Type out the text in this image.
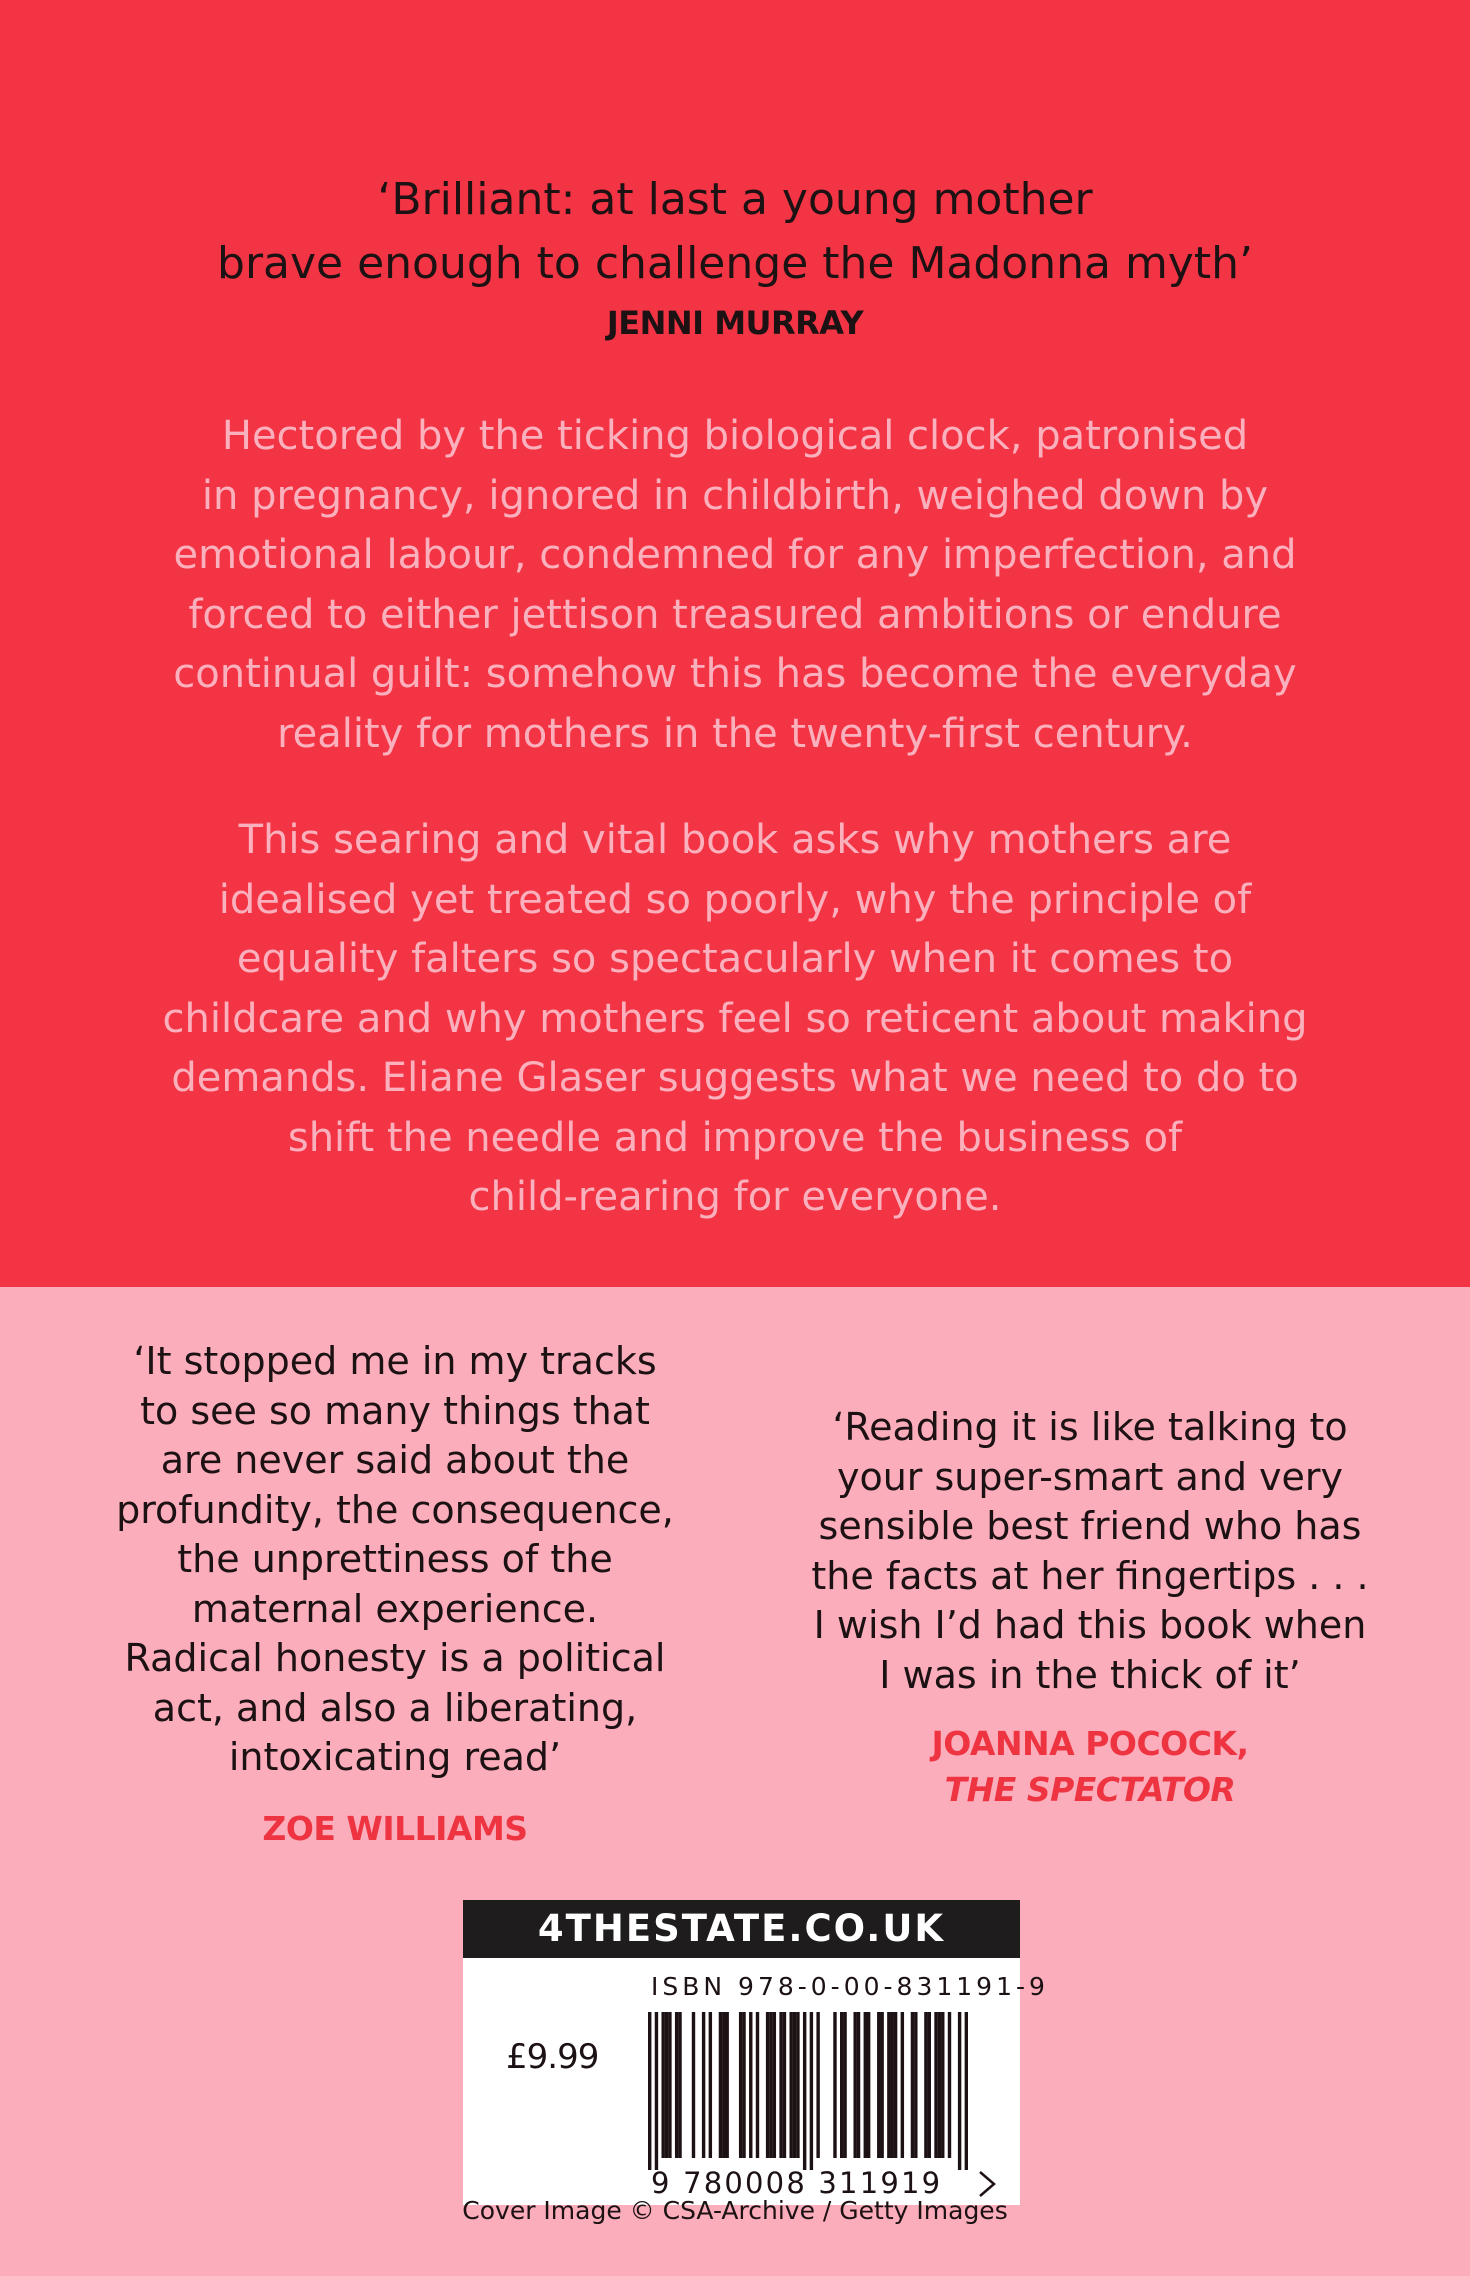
‘Brilliant: at last a young mother
brave enough to challenge the Madonna myth’
JENNI MURRAY
Hectored by the ticking biological clock, patronised
in pregnancy, ignored in childbirth, weighed down by
emotional labour, condemned for any imperfection, and
forced to either jettison treasured ambitions or endure
continual guilt: somehow this has become the everyday
reality for mothers in the twenty-first century.
This searing and vital book asks why mothers are
idealised yet treated so poorly, why the principle of
equality falters so spectacularly when it comes to
childcare and why mothers feel so reticent about making
demands. Eliane Glaser suggests what we need to do to
shift the needle and improve the business of
child-rearing for everyone.
‘It stopped me in my tracks
to see so many things that
are never said about the
profundity, the consequence,
the unprettiness of the
maternal experience.
Radical honesty is a political
act, and also a liberating,
intoxicating read’
ZOE WILLIAMS
‘Reading it is like talking to
your super-smart and very
sensible best friend who has
the facts at her fingertips . . .
I wish I’d had this book when
I was in the thick of it’
JOANNA POCOCK,
THE SPECTATOR
4THESTATE.CO.UK
ISBN 978-0-00-831191-9
£9.99
9 780008 311919
Cover Image © CSA-Archive / Getty Images
